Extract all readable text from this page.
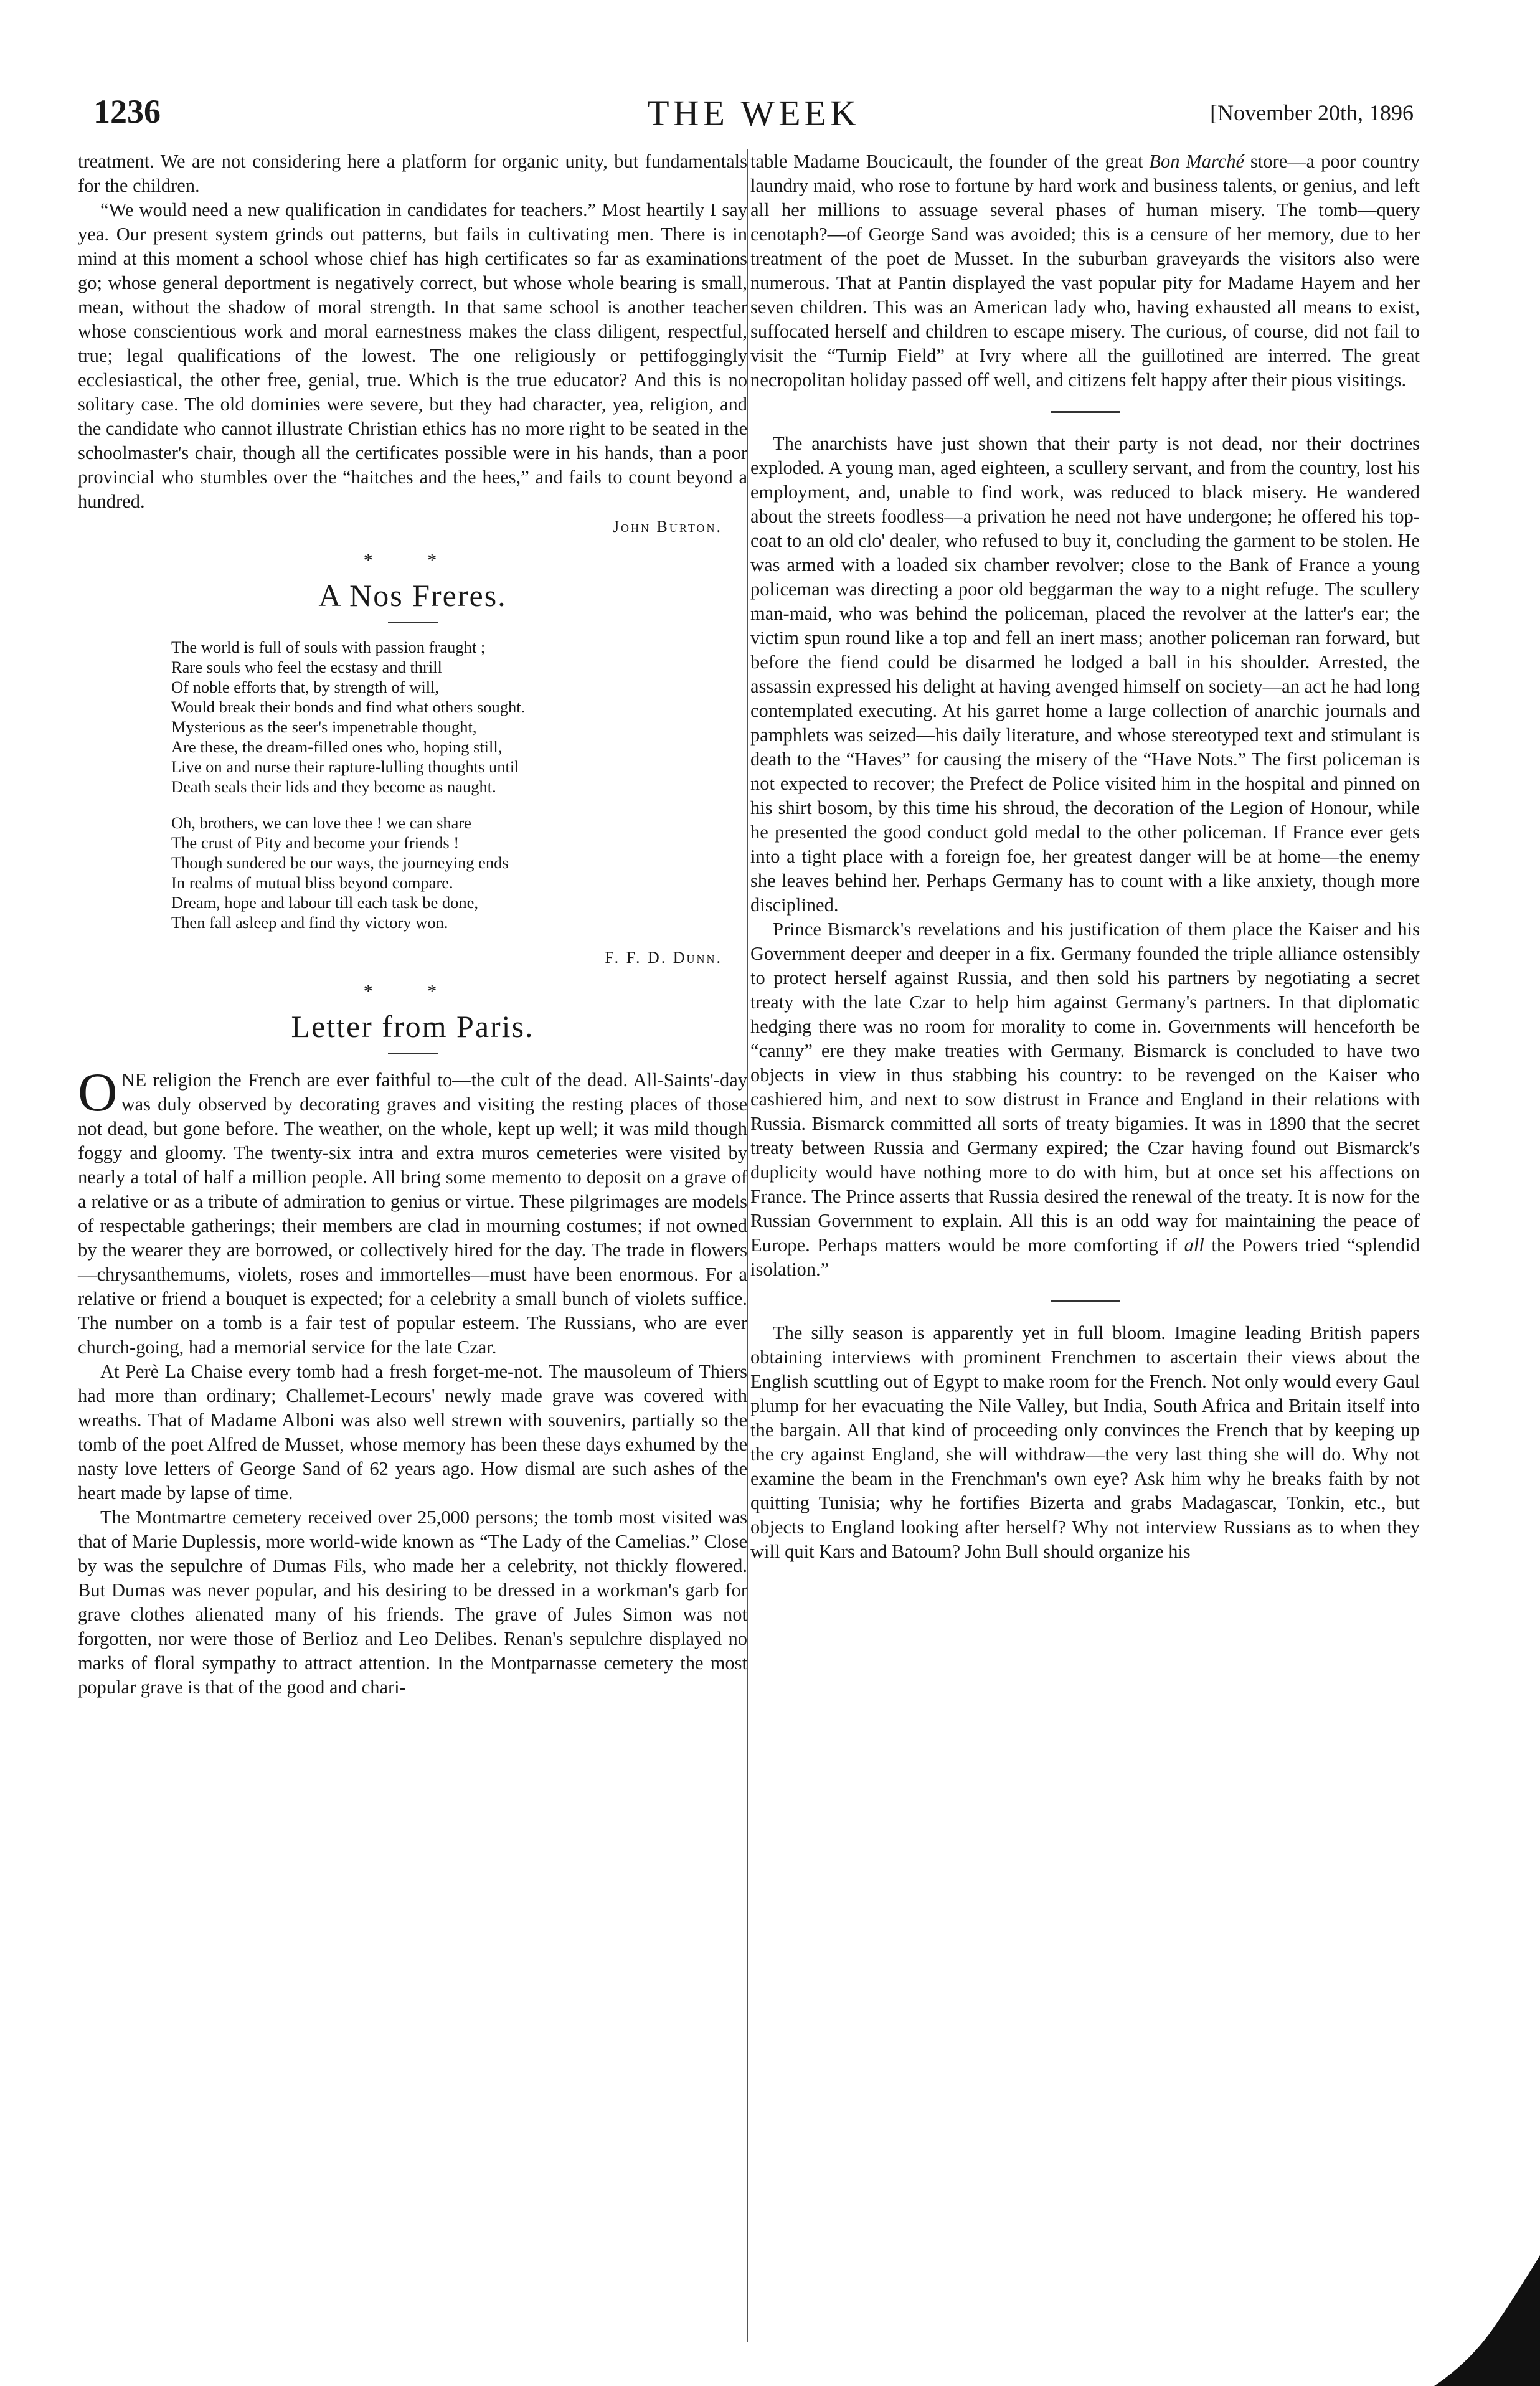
1236	THE WEEK	[November 20th, 1896

treatment. We are not considering here a platform for organic unity, but fundamentals for the children.

“We would need a new qualification in candidates for teachers.” Most heartily I say yea. Our present system grinds out patterns, but fails in cultivating men. There is in mind at this moment a school whose chief has high certificates so far as examinations go; whose general deportment is negatively correct, but whose whole bearing is small, mean, without the shadow of moral strength. In that same school is another teacher whose conscientious work and moral earnestness makes the class diligent, respectful, true; legal qualifications of the lowest. The one religiously or pettifoggingly ecclesiastical, the other free, genial, true. Which is the true educator? And this is no solitary case. The old dominies were severe, but they had character, yea, religion, and the candidate who cannot illustrate Christian ethics has no more right to be seated in the schoolmaster's chair, though all the certificates possible were in his hands, than a poor provincial who stumbles over the “haitches and the hees,” and fails to count beyond a hundred.

John Burton.
* *
A Nos Freres.
The world is full of souls with passion fraught ;
Rare souls who feel the ecstasy and thrill
Of noble efforts that, by strength of will,
Would break their bonds and find what others sought.
Mysterious as the seer's impenetrable thought,
Are these, the dream-filled ones who, hoping still,
Live on and nurse their rapture-lulling thoughts until
Death seals their lids and they become as naught.
Oh, brothers, we can love thee ! we can share
The crust of Pity and become your friends !
Though sundered be our ways, the journeying ends
In realms of mutual bliss beyond compare.
Dream, hope and labour till each task be done,
Then fall asleep and find thy victory won.
F. F. D. Dunn.
* *
Letter from Paris.

ONE religion the French are ever faithful to—the cult of the dead. All-Saints'-day was duly observed by decorating graves and visiting the resting places of those not dead, but gone before. The weather, on the whole, kept up well; it was mild though foggy and gloomy. The twenty-six intra and extra muros cemeteries were visited by nearly a total of half a million people. All bring some memento to deposit on a grave of a relative or as a tribute of admiration to genius or virtue. These pilgrimages are models of respectable gatherings; their members are clad in mourning costumes; if not owned by the wearer they are borrowed, or collectively hired for the day. The trade in flowers—chrysanthemums, violets, roses and immortelles—must have been enormous. For a relative or friend a bouquet is expected; for a celebrity a small bunch of violets suffice. The number on a tomb is a fair test of popular esteem. The Russians, who are ever church-going, had a memorial service for the late Czar.

At Perè La Chaise every tomb had a fresh forget-me-not. The mausoleum of Thiers had more than ordinary; Challemet-Lecours' newly made grave was covered with wreaths. That of Madame Alboni was also well strewn with souvenirs, partially so the tomb of the poet Alfred de Musset, whose memory has been these days exhumed by the nasty love letters of George Sand of 62 years ago. How dismal are such ashes of the heart made by lapse of time.

The Montmartre cemetery received over 25,000 persons; the tomb most visited was that of Marie Duplessis, more world-wide known as “The Lady of the Camelias.” Close by was the sepulchre of Dumas Fils, who made her a celebrity, not thickly flowered. But Dumas was never popular, and his desiring to be dressed in a workman's garb for grave clothes alienated many of his friends. The grave of Jules Simon was not forgotten, nor were those of Berlioz and Leo Delibes. Renan's sepulchre displayed no marks of floral sympathy to attract attention. In the Montparnasse cemetery the most popular grave is that of the good and chari-

table Madame Boucicault, the founder of the great Bon Marché store—a poor country laundry maid, who rose to fortune by hard work and business talents, or genius, and left all her millions to assuage several phases of human misery. The tomb—query cenotaph?—of George Sand was avoided; this is a censure of her memory, due to her treatment of the poet de Musset. In the suburban graveyards the visitors also were numerous. That at Pantin displayed the vast popular pity for Madame Hayem and her seven children. This was an American lady who, having exhausted all means to exist, suffocated herself and children to escape misery. The curious, of course, did not fail to visit the “Turnip Field” at Ivry where all the guillotined are interred. The great necropolitan holiday passed off well, and citizens felt happy after their pious visitings.

The anarchists have just shown that their party is not dead, nor their doctrines exploded. A young man, aged eighteen, a scullery servant, and from the country, lost his employment, and, unable to find work, was reduced to black misery. He wandered about the streets foodless—a privation he need not have undergone; he offered his top-coat to an old clo' dealer, who refused to buy it, concluding the garment to be stolen. He was armed with a loaded six chamber revolver; close to the Bank of France a young policeman was directing a poor old beggarman the way to a night refuge. The scullery man-maid, who was behind the policeman, placed the revolver at the latter's ear; the victim spun round like a top and fell an inert mass; another policeman ran forward, but before the fiend could be disarmed he lodged a ball in his shoulder. Arrested, the assassin expressed his delight at having avenged himself on society—an act he had long contemplated executing. At his garret home a large collection of anarchic journals and pamphlets was seized—his daily literature, and whose stereotyped text and stimulant is death to the “Haves” for causing the misery of the “Have Nots.” The first policeman is not expected to recover; the Prefect de Police visited him in the hospital and pinned on his shirt bosom, by this time his shroud, the decoration of the Legion of Honour, while he presented the good conduct gold medal to the other policeman. If France ever gets into a tight place with a foreign foe, her greatest danger will be at home—the enemy she leaves behind her. Perhaps Germany has to count with a like anxiety, though more disciplined.

Prince Bismarck's revelations and his justification of them place the Kaiser and his Government deeper and deeper in a fix. Germany founded the triple alliance ostensibly to protect herself against Russia, and then sold his partners by negotiating a secret treaty with the late Czar to help him against Germany's partners. In that diplomatic hedging there was no room for morality to come in. Governments will henceforth be “canny” ere they make treaties with Germany. Bismarck is concluded to have two objects in view in thus stabbing his country: to be revenged on the Kaiser who cashiered him, and next to sow distrust in France and England in their relations with Russia. Bismarck committed all sorts of treaty bigamies. It was in 1890 that the secret treaty between Russia and Germany expired; the Czar having found out Bismarck's duplicity would have nothing more to do with him, but at once set his affections on France. The Prince asserts that Russia desired the renewal of the treaty. It is now for the Russian Government to explain. All this is an odd way for maintaining the peace of Europe. Perhaps matters would be more comforting if all the Powers tried “splendid isolation.”

The silly season is apparently yet in full bloom. Imagine leading British papers obtaining interviews with prominent Frenchmen to ascertain their views about the English scuttling out of Egypt to make room for the French. Not only would every Gaul plump for her evacuating the Nile Valley, but India, South Africa and Britain itself into the bargain. All that kind of proceeding only convinces the French that by keeping up the cry against England, she will withdraw—the very last thing she will do. Why not examine the beam in the Frenchman's own eye? Ask him why he breaks faith by not quitting Tunisia; why he fortifies Bizerta and grabs Madagascar, Tonkin, etc., but objects to England looking after herself? Why not interview Russians as to when they will quit Kars and Batoum? John Bull should organize his
